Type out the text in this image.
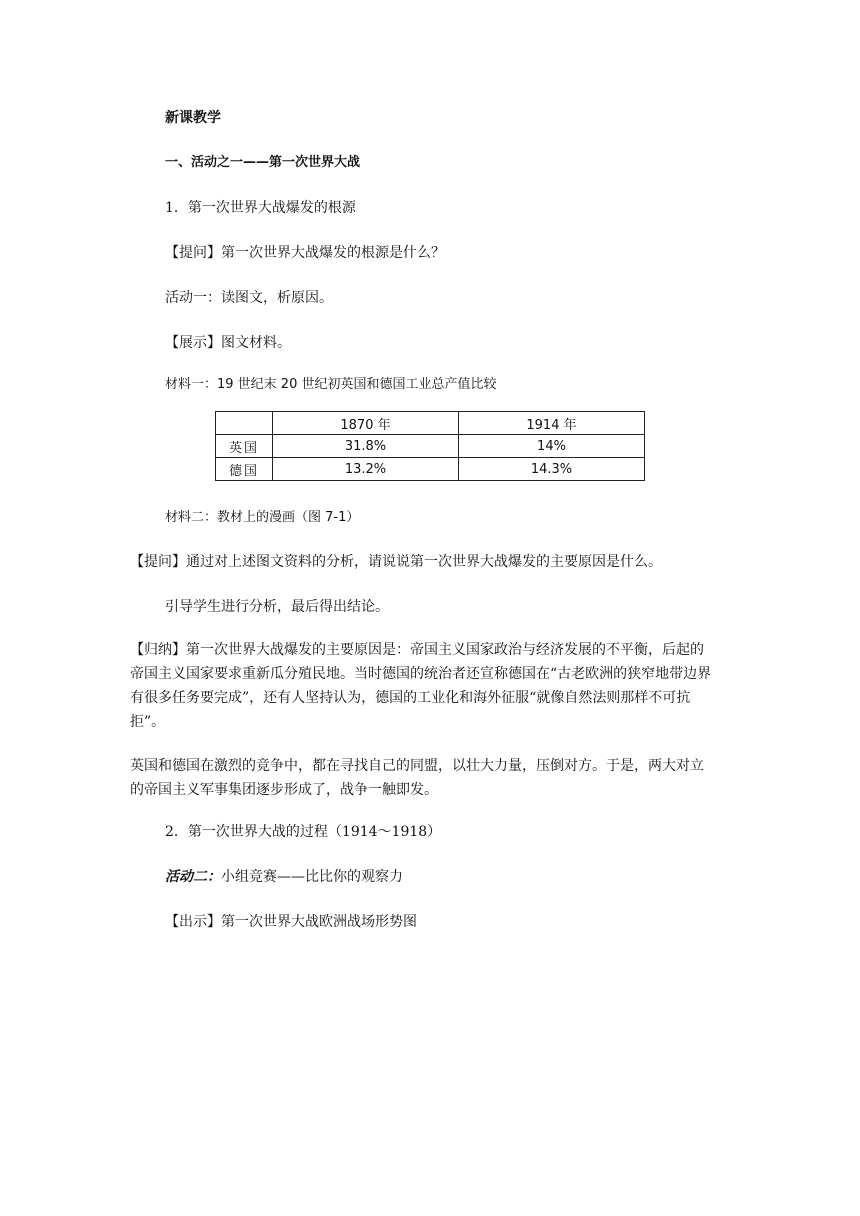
新课教学
一、活动之一——第一次世界大战
1．第一次世界大战爆发的根源
【提问】第一次世界大战爆发的根源是什么？
活动一：读图文，析原因。
【展示】图文材料。
材料一：19 世纪末 20 世纪初英国和德国工业总产值比较
	1870 年	1914 年
英国	31.8%	14%
德国	13.2%	14.3%
材料二：教材上的漫画（图 7-1）
【提问】通过对上述图文资料的分析，请说说第一次世界大战爆发的主要原因是什么。
引导学生进行分析，最后得出结论。
【归纳】第一次世界大战爆发的主要原因是：帝国主义国家政治与经济发展的不平衡，后起的帝国主义国家要求重新瓜分殖民地。当时德国的统治者还宣称德国在“古老欧洲的狭窄地带边界有很多任务要完成”，还有人坚持认为，德国的工业化和海外征服“就像自然法则那样不可抗拒”。
英国和德国在激烈的竞争中，都在寻找自己的同盟，以壮大力量，压倒对方。于是，两大对立的帝国主义军事集团逐步形成了，战争一触即发。
2．第一次世界大战的过程（1914～1918）
活动二：小组竞赛——比比你的观察力
【出示】第一次世界大战欧洲战场形势图
